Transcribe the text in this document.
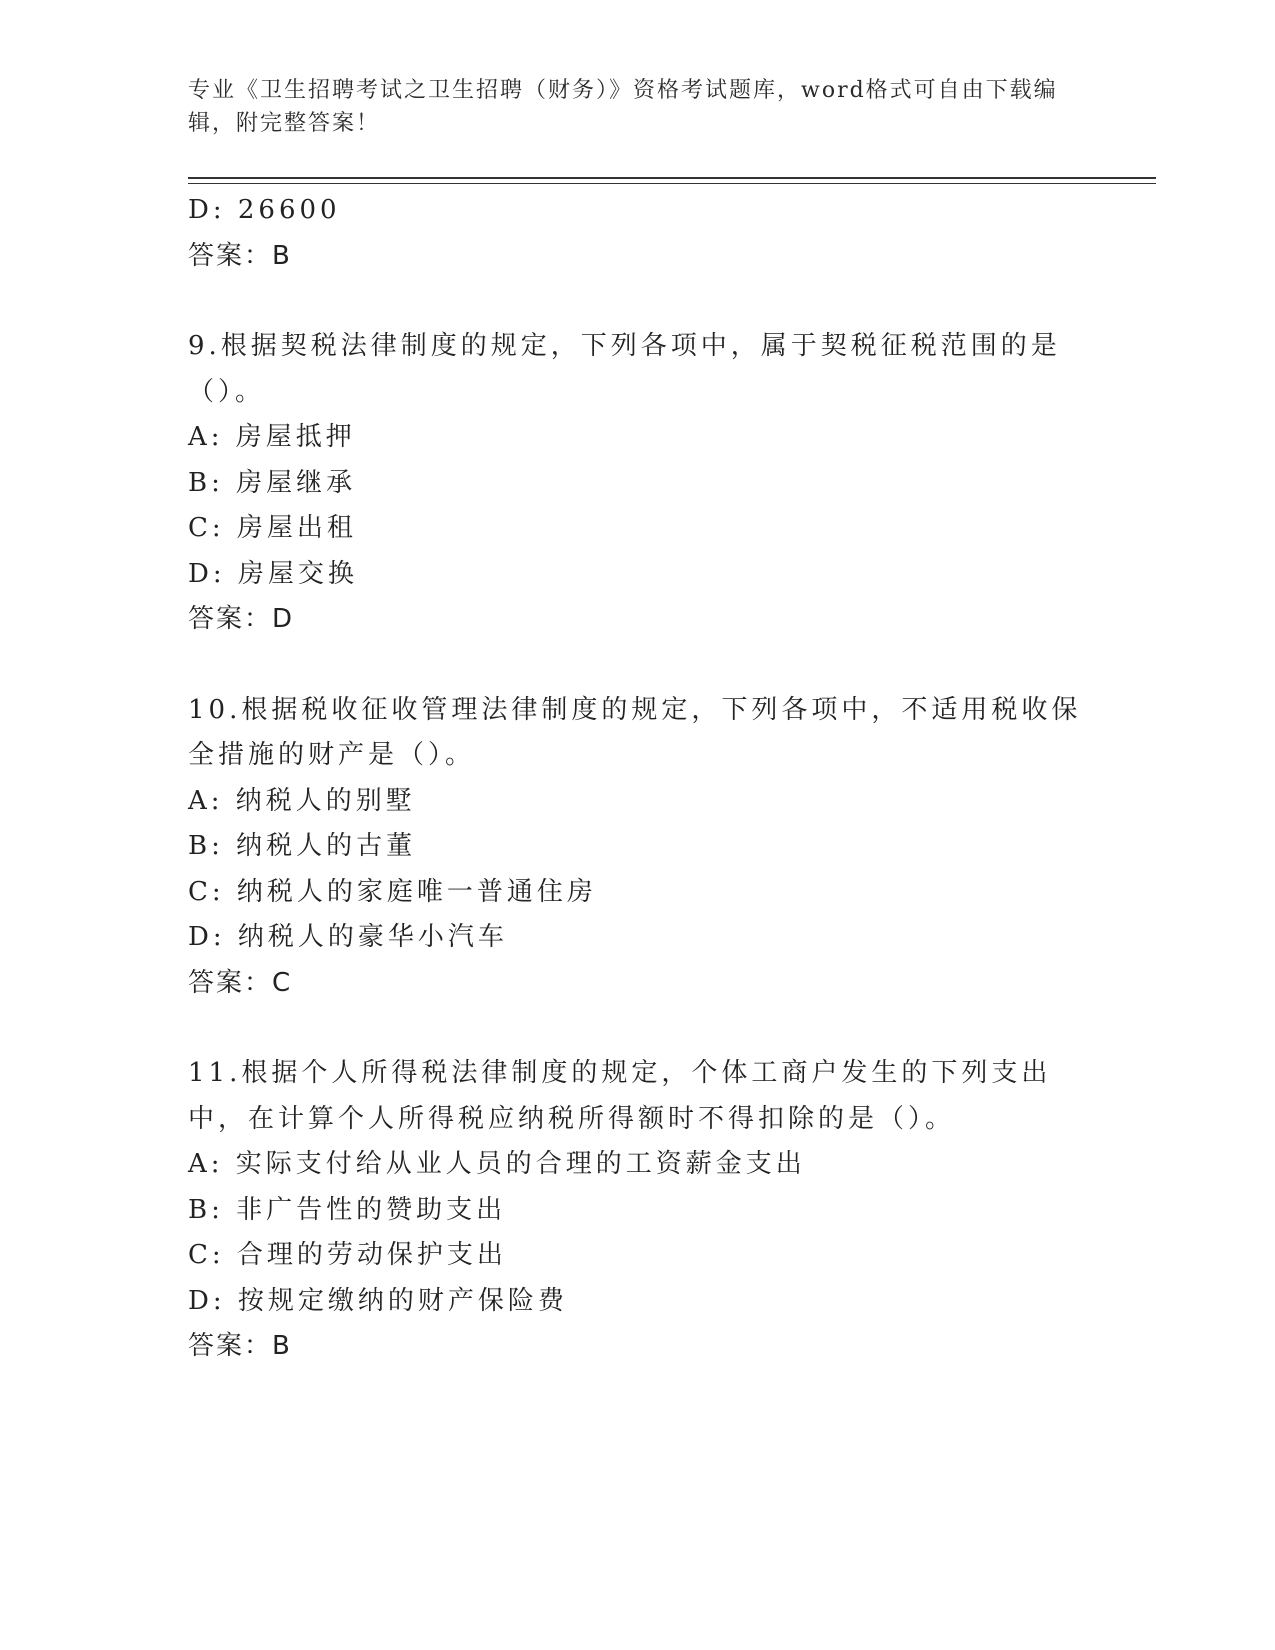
专业《卫生招聘考试之卫生招聘（财务）》资格考试题库，word格式可自由下载编辑，附完整答案！
D: 26600
答案：B
9.根据契税法律制度的规定，下列各项中，属于契税征税范围的是（）。
A: 房屋抵押
B: 房屋继承
C: 房屋出租
D: 房屋交换
答案：D
10.根据税收征收管理法律制度的规定，下列各项中，不适用税收保全措施的财产是（）。
A: 纳税人的别墅
B: 纳税人的古董
C: 纳税人的家庭唯一普通住房
D: 纳税人的豪华小汽车
答案：C
11.根据个人所得税法律制度的规定，个体工商户发生的下列支出中，在计算个人所得税应纳税所得额时不得扣除的是（）。
A: 实际支付给从业人员的合理的工资薪金支出
B: 非广告性的赞助支出
C: 合理的劳动保护支出
D: 按规定缴纳的财产保险费
答案：B
